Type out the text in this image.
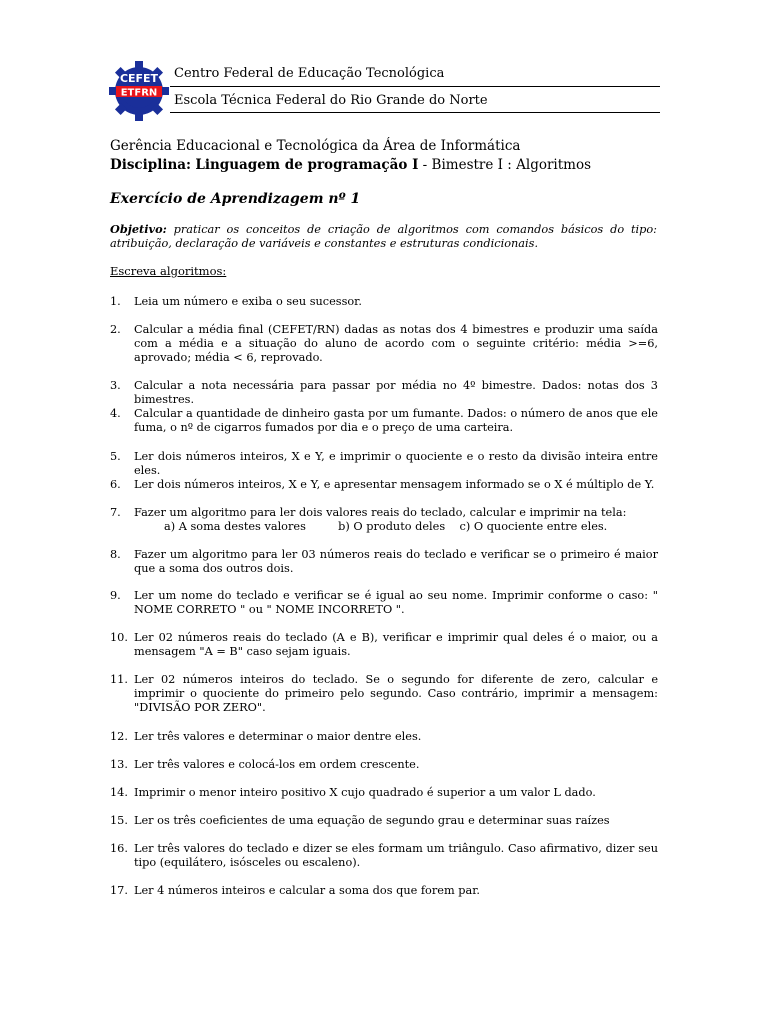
CEFET
ETFRN
Centro Federal de Educação Tecnológica
Escola Técnica Federal do Rio Grande do Norte
Gerência Educacional e Tecnológica da Área de Informática
Disciplina: Linguagem de programação I - Bimestre I : Algoritmos
Exercício de Aprendizagem nº 1
Objetivo: praticar os conceitos de criação de algoritmos com comandos básicos do tipo: atribuição, declaração de variáveis e constantes e estruturas condicionais.
Escreva algoritmos:
1. Leia um número e exiba o seu sucessor.
2. Calcular a média final (CEFET/RN) dadas as notas dos 4 bimestres e produzir uma saída com a média e a situação do aluno de acordo com o seguinte critério: média >=6, aprovado; média < 6, reprovado.
3. Calcular a nota necessária para passar por média no 4º bimestre. Dados: notas dos 3 bimestres.
4. Calcular a quantidade de dinheiro gasta por um fumante. Dados: o número de anos que ele fuma, o nº de cigarros fumados por dia e o preço de uma carteira.
5. Ler dois números inteiros, X e Y, e imprimir o quociente e o resto da divisão inteira entre eles.
6. Ler dois números inteiros, X e Y, e apresentar mensagem informado se o X é múltiplo de Y.
7. Fazer um algoritmo para ler dois valores reais do teclado, calcular e imprimir na tela:
a) A soma destes valores         b) O produto deles    c) O quociente entre eles.
8. Fazer um algoritmo para ler 03 números reais do teclado e verificar se o primeiro é maior que a soma dos outros dois.
9. Ler um nome do teclado e verificar se é igual ao seu nome. Imprimir conforme o caso: " NOME CORRETO " ou " NOME INCORRETO ".
10. Ler 02 números reais do teclado (A e B), verificar e imprimir qual deles é o maior, ou a mensagem "A = B" caso sejam iguais.
11. Ler 02 números inteiros do teclado. Se o segundo for diferente de zero, calcular e imprimir o quociente do primeiro pelo segundo. Caso contrário, imprimir a mensagem: "DIVISÃO POR ZERO".
12. Ler três valores e determinar o maior dentre eles.
13. Ler três valores e colocá-los em ordem crescente.
14. Imprimir o menor inteiro positivo X cujo quadrado é superior a um valor L dado.
15. Ler os três coeficientes de uma equação de segundo grau e determinar suas raízes
16. Ler três valores do teclado e dizer se eles formam um triângulo. Caso afirmativo, dizer seu tipo (equilátero, isósceles ou escaleno).
17. Ler 4 números inteiros e calcular a soma dos que forem par.
